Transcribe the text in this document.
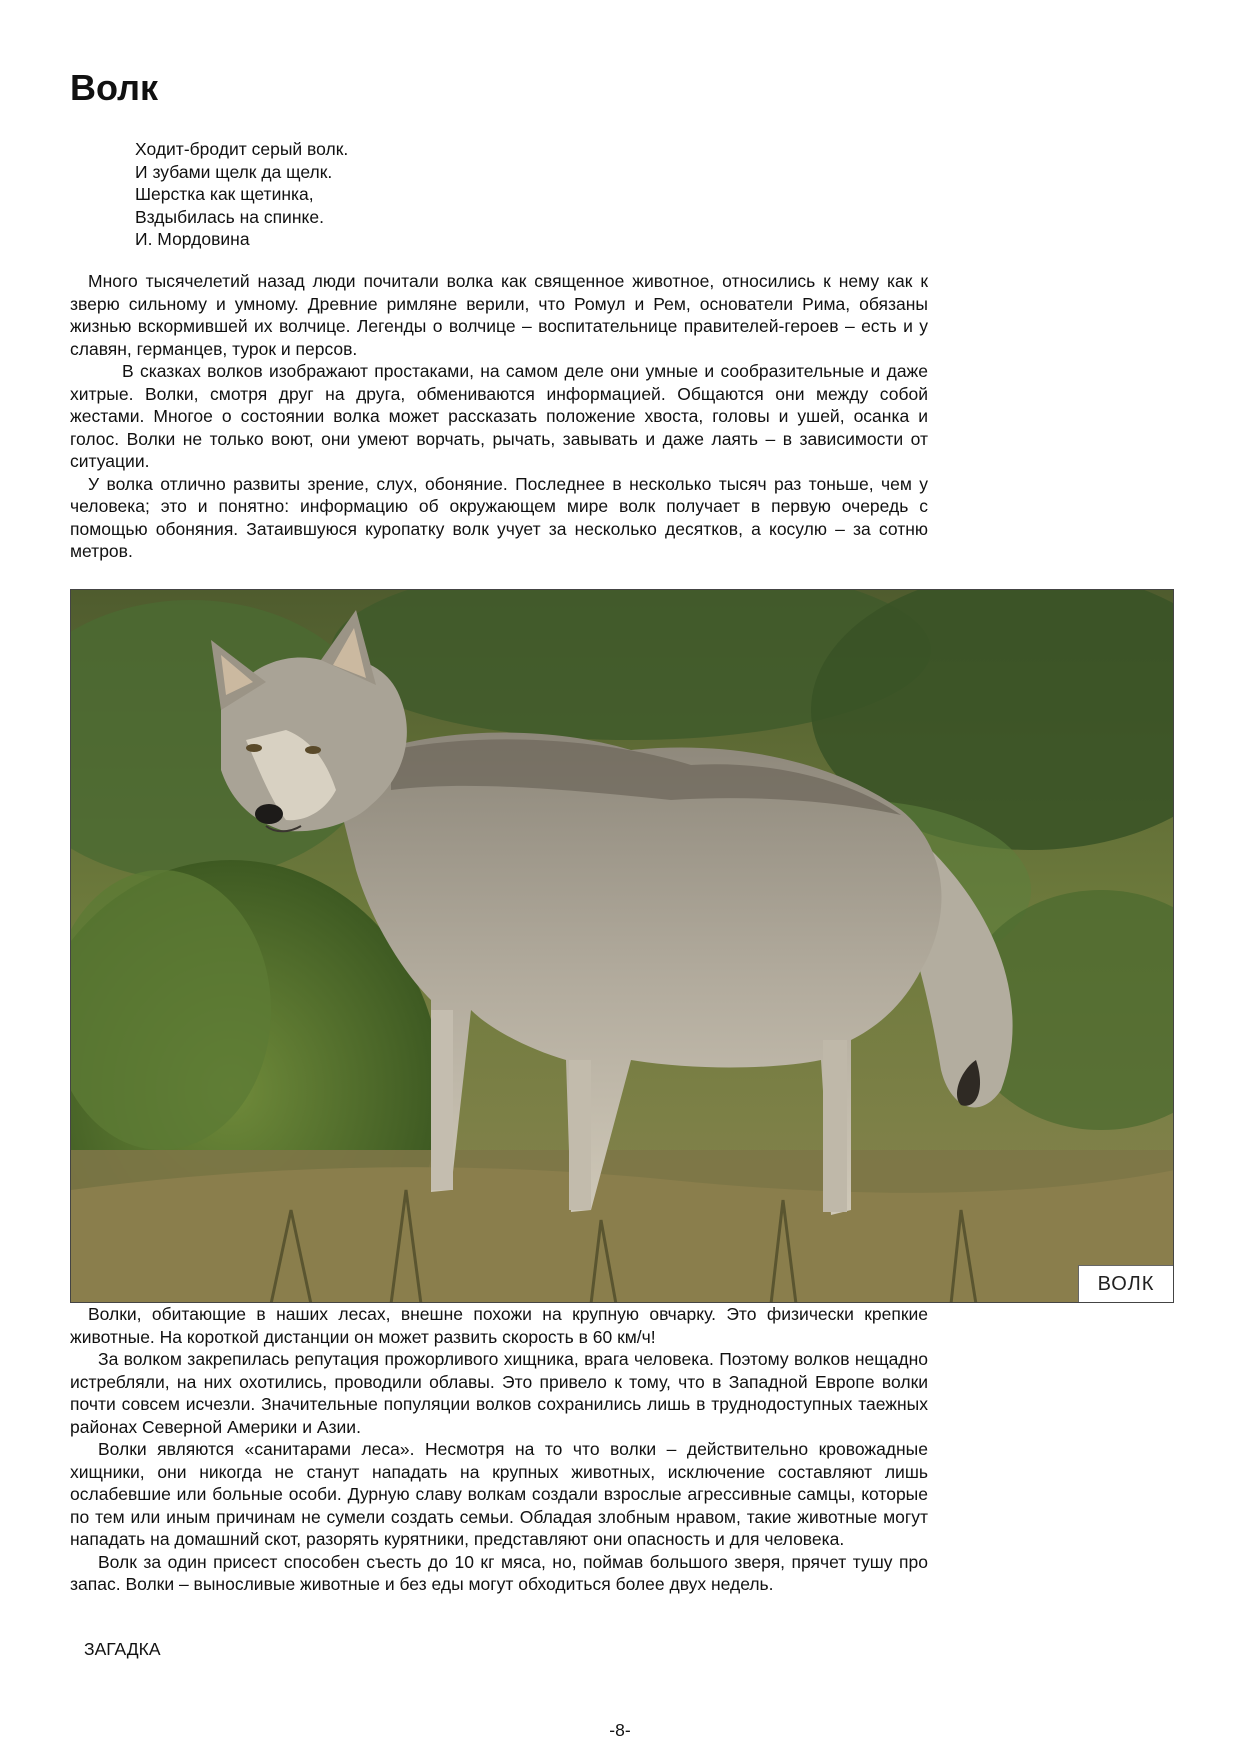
Волк
Ходит-бродит серый волк.
И зубами щелк да щелк.
Шерстка как щетинка,
Вздыбилась на спинке.
И. Мордовина

Много тысячелетий назад люди почитали волка как священное животное, относились к нему как к зверю сильному и умному. Древние римляне верили, что Ромул и Рем, основатели Рима, обязаны жизнью вскормившей их волчице. Легенды о волчице – воспитательнице правителей-героев – есть и у славян, германцев, турок и персов.

В сказках волков изображают простаками, на самом деле они умные и сообразительные и даже хитрые. Волки, смотря друг на друга, обмениваются информацией. Общаются они между собой жестами. Многое о состоянии волка может рассказать положение хвоста, головы и ушей, осанка и голос. Волки не только воют, они умеют ворчать, рычать, завывать и даже лаять – в зависимости от ситуации.

У волка отлично развиты зрение, слух, обоняние. Последнее в несколько тысяч раз тоньше, чем у человека; это и понятно: информацию об окружающем мире волк получает в первую очередь с помощью обоняния. Затаившуюся куропатку волк учует за несколько десятков, а косулю – за сотню метров.

ВОЛК

Волки, обитающие в наших лесах, внешне похожи на крупную овчарку. Это физически крепкие животные. На короткой дистанции он может развить скорость в 60 км/ч!

За волком закрепилась репутация прожорливого хищника, врага человека. Поэтому волков нещадно истребляли, на них охотились, проводили облавы. Это привело к тому, что в Западной Европе волки почти совсем исчезли. Значительные популяции волков сохранились лишь в труднодоступных таежных районах Северной Америки и Азии.

Волки являются «санитарами леса». Несмотря на то что волки – действительно кровожадные хищники, они никогда не станут нападать на крупных животных, исключение составляют лишь ослабевшие или больные особи. Дурную славу волкам создали взрослые агрессивные самцы, которые по тем или иным причинам не сумели создать семьи. Обладая злобным нравом, такие животные могут нападать на домашний скот, разорять курятники, представляют они опасность и для человека.

Волк за один присест способен съесть до 10 кг мяса, но, поймав большого зверя, прячет тушу про запас. Волки – выносливые животные и без еды могут обходиться более двух недель.

ЗАГАДКА
-8-
